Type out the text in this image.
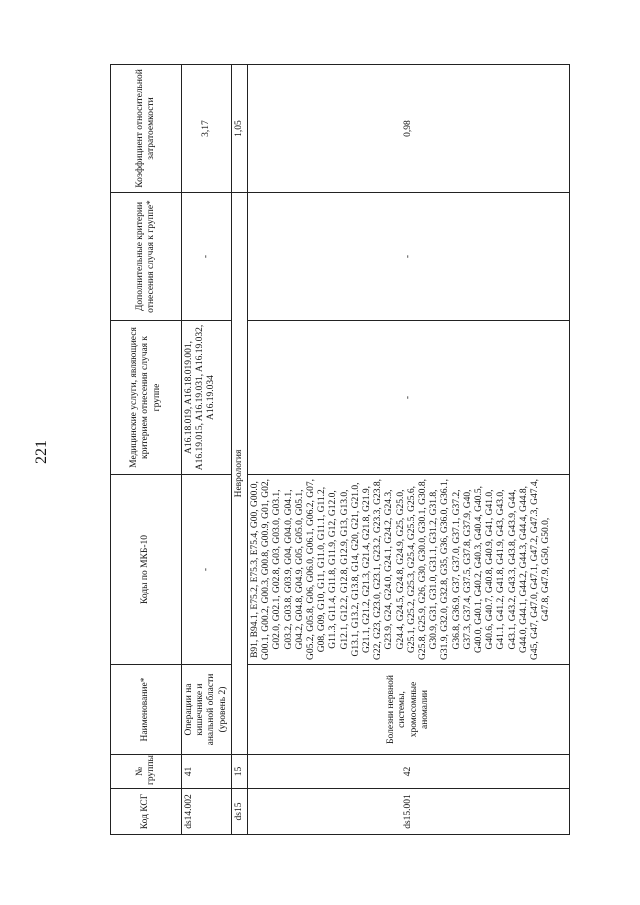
221
Код КСГ	№ группы	Наименование*	Коды по МКБ-10	Медицинские услуги, являющиеся критерием отнесения случая к группе	Дополнительные критерии отнесения случая к группе*	Коэффициент относительной затратоемкости
ds14.002	41	Операции на кишечнике и анальной области (уровень 2)	-	A16.18.019, A16.18.019.001, A16.19.015, A16.19.031, A16.19.032, A16.19.034	-	3,17
ds15	15	Неврология				1,05
ds15.001	42	Болезни нервной системы, хромосомные аномалии	B91, B94.1, E75.2, E75.3, E75.4, G00, G00.0, G00.1, G00.2, G00.3, G00.8, G00.9, G01, G02, G02.0, G02.1, G02.8, G03, G03.0, G03.1, G03.2, G03.8, G03.9, G04, G04.0, G04.1, G04.2, G04.8, G04.9, G05, G05.0, G05.1, G05.2, G05.8, G06, G06.0, G06.1, G06.2, G07, G08, G09, G10, G11, G11.0, G11.1, G11.2, G11.3, G11.4, G11.8, G11.9, G12, G12.0, G12.1, G12.2, G12.8, G12.9, G13, G13.0, G13.1, G13.2, G13.8, G14, G20, G21, G21.0, G21.1, G21.2, G21.3, G21.4, G21.8, G21.9, G22, G23, G23.0, G23.1, G23.2, G23.3, G23.8, G23.9, G24, G24.0, G24.1, G24.2, G24.3, G24.4, G24.5, G24.8, G24.9, G25, G25.0, G25.1, G25.2, G25.3, G25.4, G25.5, G25.6, G25.8, G25.9, G26, G30, G30.0, G30.1, G30.8, G30.9, G31, G31.0, G31.1, G31.2, G31.8, G31.9, G32.0, G32.8, G35, G36, G36.0, G36.1, G36.8, G36.9, G37, G37.0, G37.1, G37.2, G37.3, G37.4, G37.5, G37.8, G37.9, G40, G40.0, G40.1, G40.2, G40.3, G40.4, G40.5, G40.6, G40.7, G40.8, G40.9, G41, G41.0, G41.1, G41.2, G41.8, G41.9, G43, G43.0, G43.1, G43.2, G43.3, G43.8, G43.9, G44, G44.0, G44.1, G44.2, G44.3, G44.4, G44.8, G45, G47, G47.0, G47.1, G47.2, G47.3, G47.4, G47.8, G47.9, G50, G50.0,	-	-	0,98
